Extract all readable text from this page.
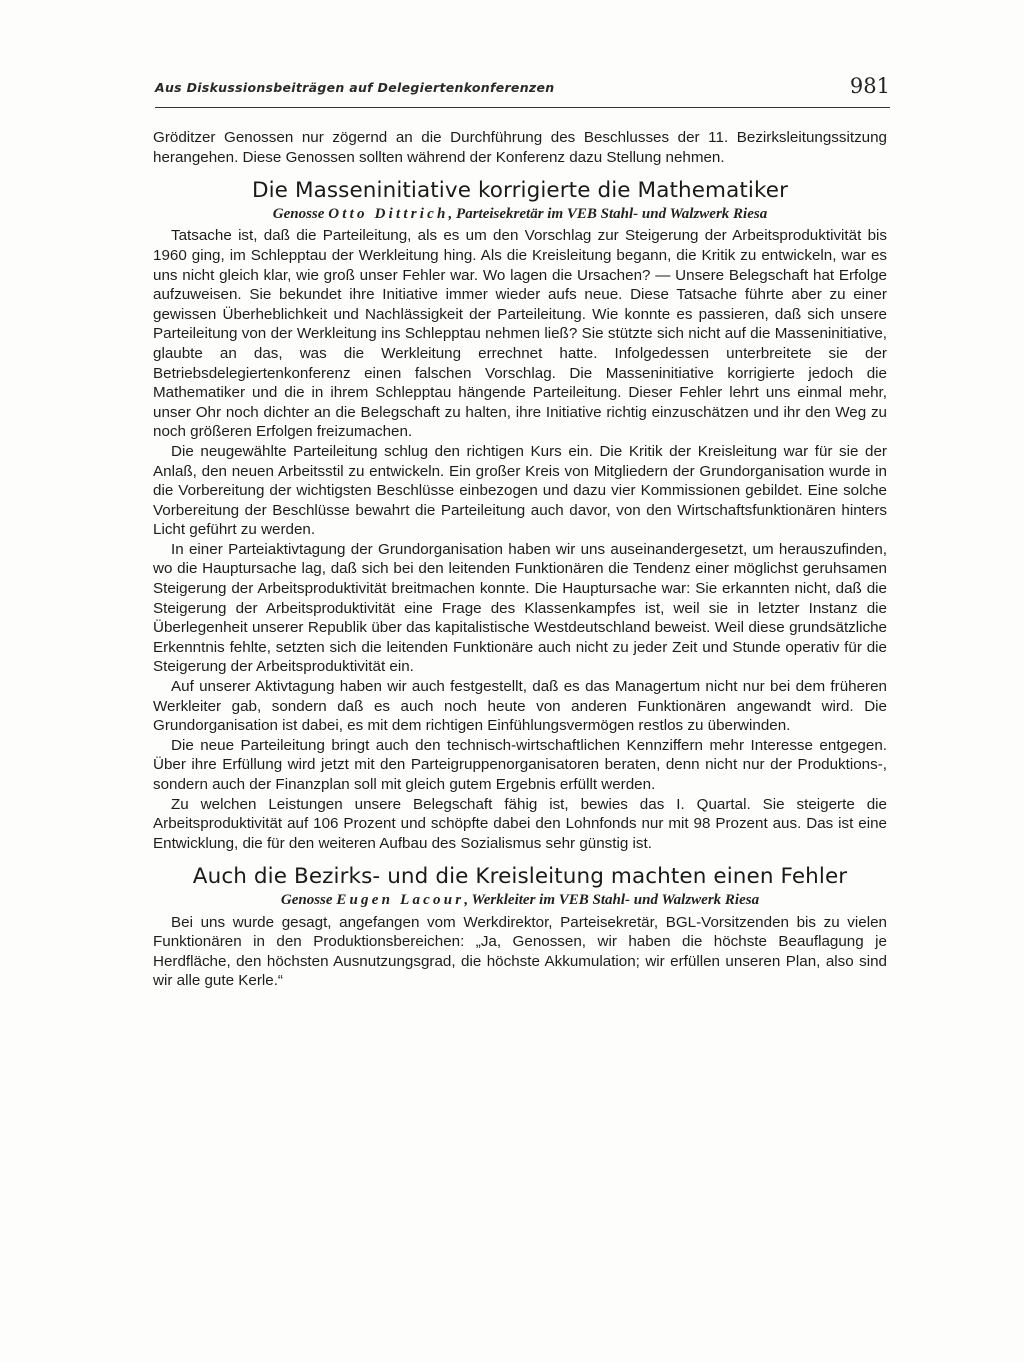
Aus Diskussionsbeiträgen auf Delegiertenkonferenzen	981

Gröditzer Genossen nur zögernd an die Durchführung des Beschlusses der 11. Bezirksleitungssitzung herangehen. Diese Genossen sollten während der Konferenz dazu Stellung nehmen.

Die Masseninitiative korrigierte die Mathematiker
Genosse Otto Dittrich, Parteisekretär im VEB Stahl- und Walzwerk Riesa

Tatsache ist, daß die Parteileitung, als es um den Vorschlag zur Steigerung der Arbeitsproduktivität bis 1960 ging, im Schlepptau der Werkleitung hing. Als die Kreisleitung begann, die Kritik zu entwickeln, war es uns nicht gleich klar, wie groß unser Fehler war. Wo lagen die Ursachen? — Unsere Belegschaft hat Erfolge aufzuweisen. Sie bekundet ihre Initiative immer wieder aufs neue. Diese Tatsache führte aber zu einer gewissen Überheblichkeit und Nachlässigkeit der Parteileitung. Wie konnte es passieren, daß sich unsere Parteileitung von der Werkleitung ins Schlepptau nehmen ließ? Sie stützte sich nicht auf die Masseninitiative, glaubte an das, was die Werkleitung errechnet hatte. Infolgedessen unterbreitete sie der Betriebsdelegiertenkonferenz einen falschen Vorschlag. Die Masseninitiative korrigierte jedoch die Mathematiker und die in ihrem Schlepptau hängende Parteileitung. Dieser Fehler lehrt uns einmal mehr, unser Ohr noch dichter an die Belegschaft zu halten, ihre Initiative richtig einzuschätzen und ihr den Weg zu noch größeren Erfolgen freizumachen.

Die neugewählte Parteileitung schlug den richtigen Kurs ein. Die Kritik der Kreisleitung war für sie der Anlaß, den neuen Arbeitsstil zu entwickeln. Ein großer Kreis von Mitgliedern der Grundorganisation wurde in die Vorbereitung der wichtigsten Beschlüsse einbezogen und dazu vier Kommissionen gebildet. Eine solche Vorbereitung der Beschlüsse bewahrt die Parteileitung auch davor, von den Wirtschaftsfunktionären hinters Licht geführt zu werden.

In einer Parteiaktivtagung der Grundorganisation haben wir uns auseinandergesetzt, um herauszufinden, wo die Hauptursache lag, daß sich bei den leitenden Funktionären die Tendenz einer möglichst geruhsamen Steigerung der Arbeitsproduktivität breitmachen konnte. Die Hauptursache war: Sie erkannten nicht, daß die Steigerung der Arbeitsproduktivität eine Frage des Klassenkampfes ist, weil sie in letzter Instanz die Überlegenheit unserer Republik über das kapitalistische Westdeutschland beweist. Weil diese grundsätzliche Erkenntnis fehlte, setzten sich die leitenden Funktionäre auch nicht zu jeder Zeit und Stunde operativ für die Steigerung der Arbeitsproduktivität ein.

Auf unserer Aktivtagung haben wir auch festgestellt, daß es das Managertum nicht nur bei dem früheren Werkleiter gab, sondern daß es auch noch heute von anderen Funktionären angewandt wird. Die Grundorganisation ist dabei, es mit dem richtigen Einfühlungsvermögen restlos zu überwinden.

Die neue Parteileitung bringt auch den technisch-wirtschaftlichen Kennziffern mehr Interesse entgegen. Über ihre Erfüllung wird jetzt mit den Parteigruppenorganisatoren beraten, denn nicht nur der Produktions-, sondern auch der Finanzplan soll mit gleich gutem Ergebnis erfüllt werden.

Zu welchen Leistungen unsere Belegschaft fähig ist, bewies das I. Quartal. Sie steigerte die Arbeitsproduktivität auf 106 Prozent und schöpfte dabei den Lohnfonds nur mit 98 Prozent aus. Das ist eine Entwicklung, die für den weiteren Aufbau des Sozialismus sehr günstig ist.

Auch die Bezirks- und die Kreisleitung machten einen Fehler
Genosse Eugen Lacour, Werkleiter im VEB Stahl- und Walzwerk Riesa

Bei uns wurde gesagt, angefangen vom Werkdirektor, Parteisekretär, BGL-Vorsitzenden bis zu vielen Funktionären in den Produktionsbereichen: „Ja, Genossen, wir haben die höchste Beauflagung je Herdfläche, den höchsten Ausnutzungsgrad, die höchste Akkumulation; wir erfüllen unseren Plan, also sind wir alle gute Kerle.“
